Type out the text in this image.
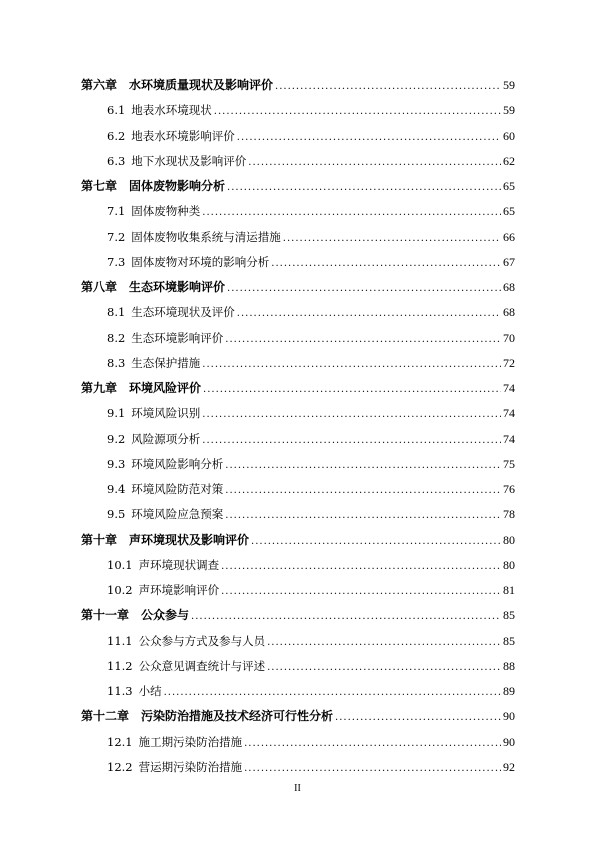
第六章 水环境质量现状及影响评价 .....	59
6.1 地表水环境现状 .....	59
6.2 地表水环境影响评价 .....	60
6.3 地下水现状及影响评价 .....	62
第七章 固体废物影响分析 .....	65
7.1 固体废物种类 .....	65
7.2 固体废物收集系统与清运措施 .....	66
7.3 固体废物对环境的影响分析 .....	67
第八章 生态环境影响评价 .....	68
8.1 生态环境现状及评价 .....	68
8.2 生态环境影响评价 .....	70
8.3 生态保护措施 .....	72
第九章 环境风险评价 .....	74
9.1 环境风险识别 .....	74
9.2 风险源项分析 .....	74
9.3 环境风险影响分析 .....	75
9.4 环境风险防范对策 .....	76
9.5 环境风险应急预案 .....	78
第十章 声环境现状及影响评价 .....	80
10.1 声环境现状调查 .....	80
10.2 声环境影响评价 .....	81
第十一章 公众参与 .....	85
11.1 公众参与方式及参与人员 .....	85
11.2 公众意见调查统计与评述 .....	88
11.3 小结 .....	89
第十二章 污染防治措施及技术经济可行性分析 .....	90
12.1 施工期污染防治措施 .....	90
12.2 营运期污染防治措施 .....	92
II
